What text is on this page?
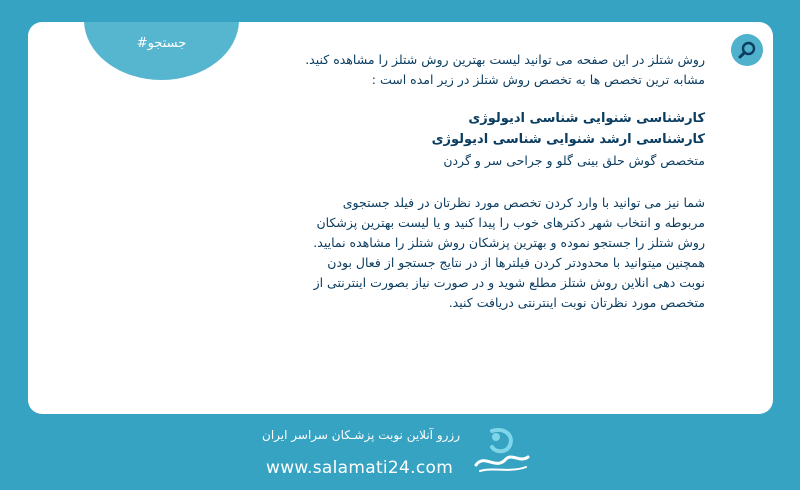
#جستجو

روش شتلز در این صفحه می توانید لیست بهترین روش شتلز را مشاهده کنید.

مشابه ترین تخصص ها به تخصص روش شتلز در زیر امده است :

کارشناسی شنوایی شناسی ادیولوژی

کارشناسی ارشد شنوایی شناسی ادیولوژی

متخصص گوش حلق بینی گلو و جراحی سر و گردن

شما نیز می توانید با وارد کردن تخصص مورد نظرتان در فیلد جستجوی مربوطه و انتخاب شهر دکترهای خوب را پیدا کنید و یا لیست بهترین پزشکان روش شتلز را جستجو نموده و بهترین پزشکان روش شتلز را مشاهده نمایید.

همچنین میتوانید با محدودتر کردن فیلترها از در نتایج جستجو از فعال بودن نوبت دهی انلاین روش شتلز مطلع شوید و در صورت نیاز بصورت اینترنتی از متخصص مورد نظرتان نوبت اینترنتی دریافت کنید.

رزرو آنلاین نوبت پزشـکان سراسر ایران
www.salamati24.com
